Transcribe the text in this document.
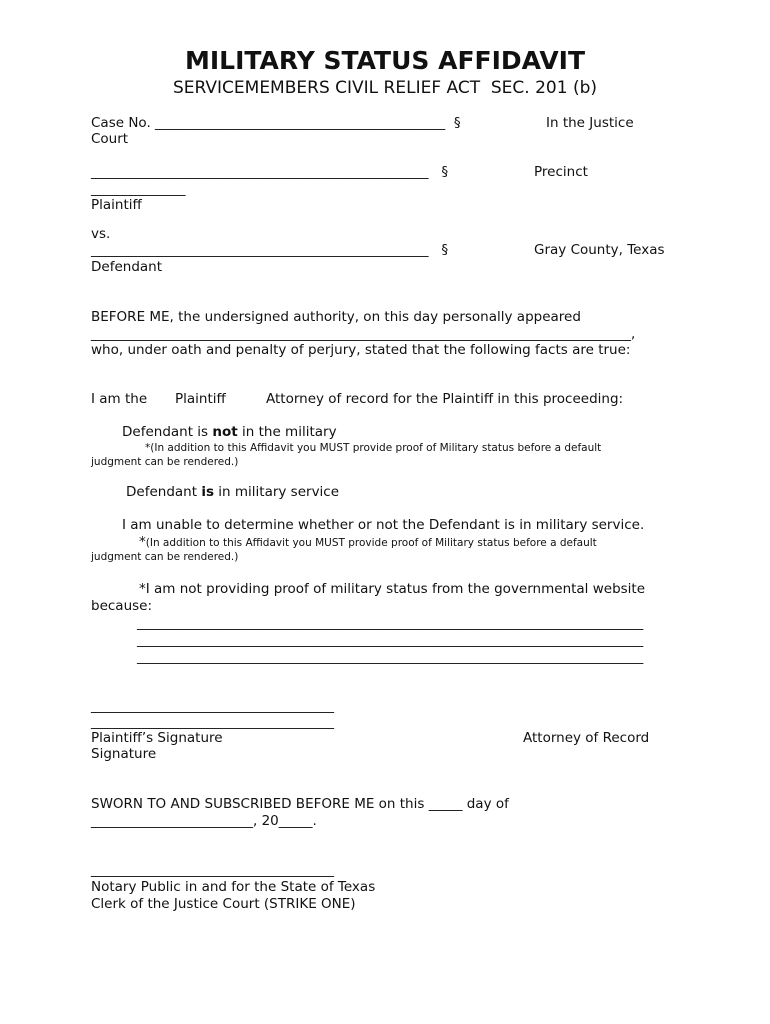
MILITARY STATUS AFFIDAVIT
SERVICEMEMBERS CIVIL RELIEF ACT  SEC. 201 (b)
Case No. ___________________________________________  §	In the Justice
Court
__________________________________________________   §	Precinct
______________
Plaintiff
vs.
__________________________________________________   §	Gray County, Texas
Defendant
BEFORE ME, the undersigned authority, on this day personally appeared
________________________________________________________________________________,
who, under oath and penalty of perjury, stated that the following facts are true:
I am the Plaintiff	Attorney of record for the Plaintiff in this proceeding:
Defendant is not in the military
*(In addition to this Affidavit you MUST provide proof of Military status before a default
judgment can be rendered.)
Defendant is in military service
I am unable to determine whether or not the Defendant is in military service.
*(In addition to this Affidavit you MUST provide proof of Military status before a default
judgment can be rendered.)
*I am not providing proof of military status from the governmental website
because:
___________________________________________________________________________
___________________________________________________________________________
___________________________________________________________________________
____________________________________
____________________________________
Plaintiff’s Signature	Attorney of Record
Signature
SWORN TO AND SUBSCRIBED BEFORE ME on this _____ day of
________________________, 20_____.
____________________________________
Notary Public in and for the State of Texas
Clerk of the Justice Court (STRIKE ONE)
